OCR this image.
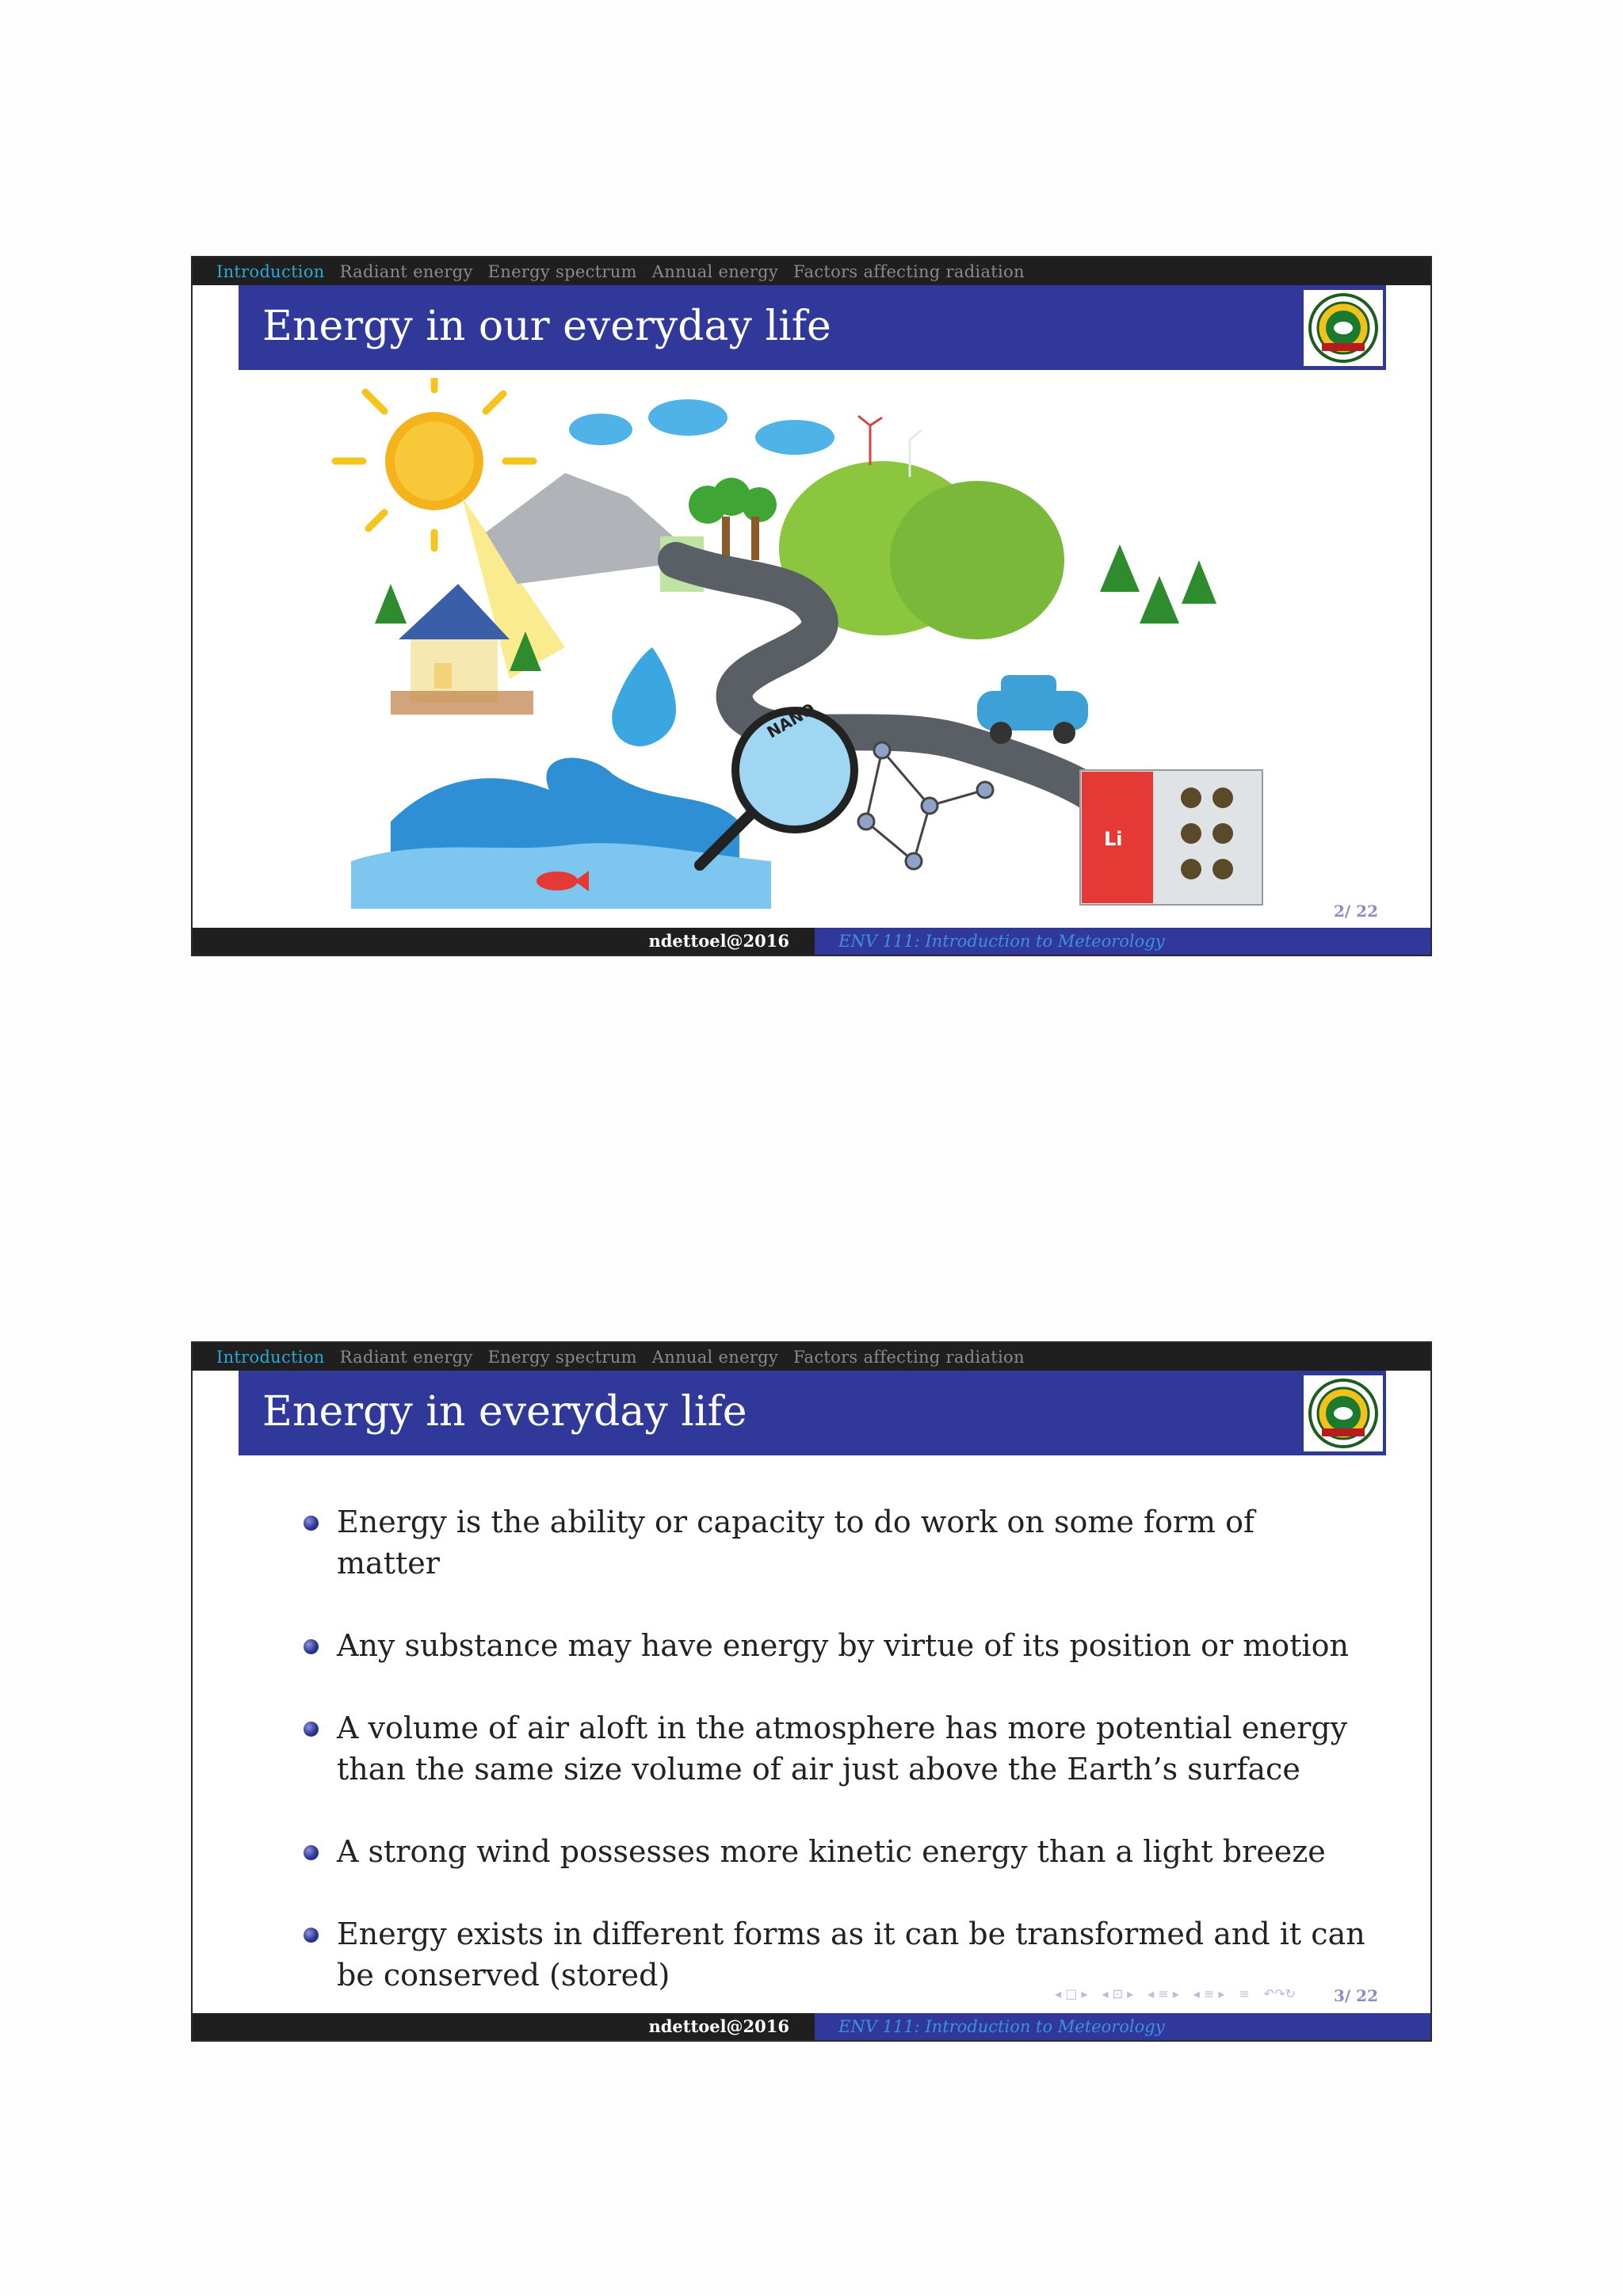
Introduction Radiant energy Energy spectrum Annual energy Factors affecting radiation
Energy in our everyday life
NANO
Li
2/ 22
ndettoel@2016	ENV 111: Introduction to Meteorology
Introduction Radiant energy Energy spectrum Annual energy Factors affecting radiation
Energy in everyday life
Energy is the ability or capacity to do work on some form of matter
Any substance may have energy by virtue of its position or motion
A volume of air aloft in the atmosphere has more potential energy than the same size volume of air just above the Earth’s surface
A strong wind possesses more kinetic energy than a light breeze
Energy exists in different forms as it can be transformed and it can be conserved (stored)
◂ □ ▸ ◂ ⊡ ▸ ◂ ≡ ▸ ◂ ≡ ▸ ≡ ↶↷↻ 3/ 22
ndettoel@2016	ENV 111: Introduction to Meteorology
